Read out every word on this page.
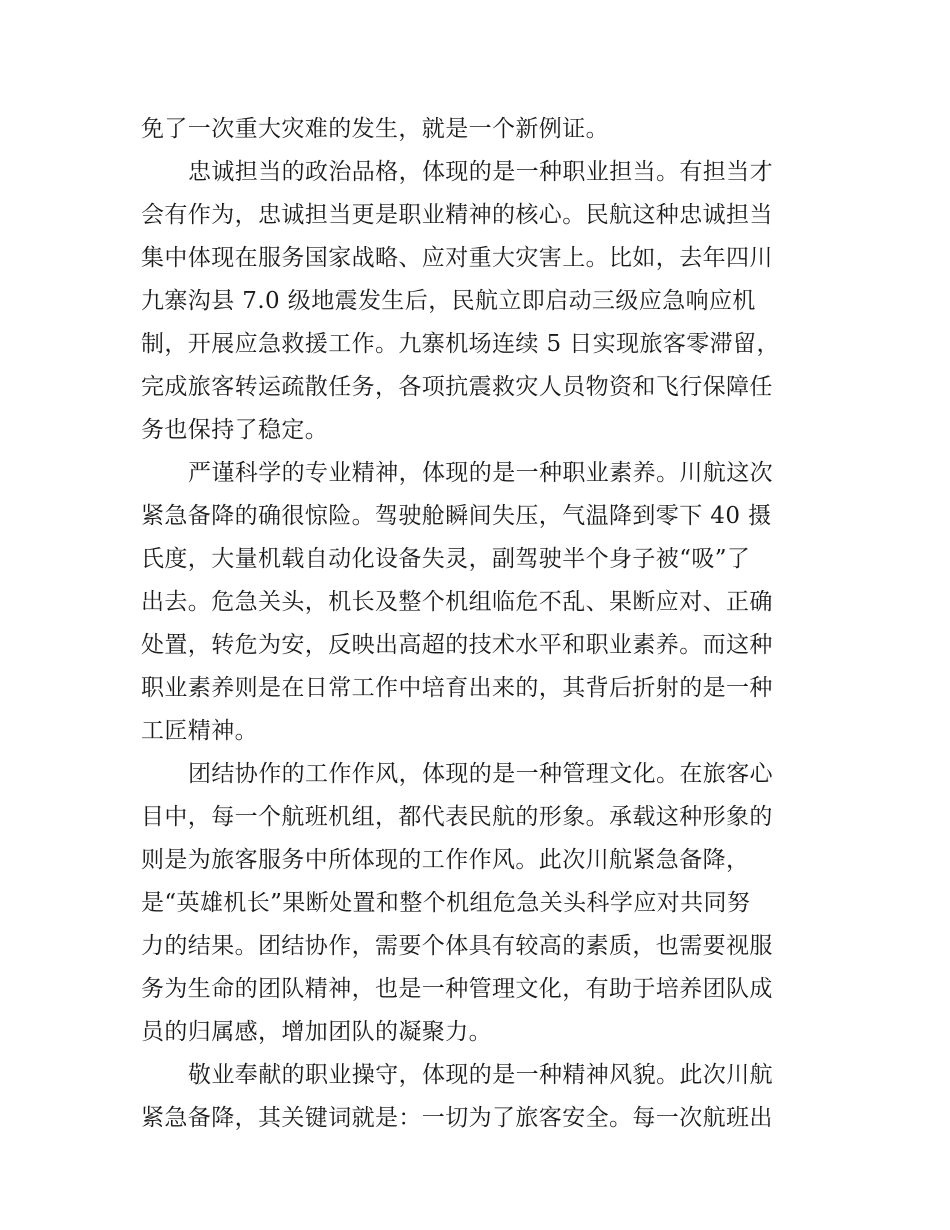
免了一次重大灾难的发生，就是一个新例证。
忠诚担当的政治品格，体现的是一种职业担当。有担当才
会有作为，忠诚担当更是职业精神的核心。民航这种忠诚担当
集中体现在服务国家战略、应对重大灾害上。比如，去年四川
九寨沟县 7.0 级地震发生后，民航立即启动三级应急响应机
制，开展应急救援工作。九寨机场连续 5 日实现旅客零滞留，
完成旅客转运疏散任务，各项抗震救灾人员物资和飞行保障任
务也保持了稳定。
严谨科学的专业精神，体现的是一种职业素养。川航这次
紧急备降的确很惊险。驾驶舱瞬间失压，气温降到零下 40 摄
氏度，大量机载自动化设备失灵，副驾驶半个身子被“吸”了
出去。危急关头，机长及整个机组临危不乱、果断应对、正确
处置，转危为安，反映出高超的技术水平和职业素养。而这种
职业素养则是在日常工作中培育出来的，其背后折射的是一种
工匠精神。
团结协作的工作作风，体现的是一种管理文化。在旅客心
目中，每一个航班机组，都代表民航的形象。承载这种形象的
则是为旅客服务中所体现的工作作风。此次川航紧急备降，
是“英雄机长”果断处置和整个机组危急关头科学应对共同努
力的结果。团结协作，需要个体具有较高的素质，也需要视服
务为生命的团队精神，也是一种管理文化，有助于培养团队成
员的归属感，增加团队的凝聚力。
敬业奉献的职业操守，体现的是一种精神风貌。此次川航
紧急备降，其关键词就是：一切为了旅客安全。每一次航班出
